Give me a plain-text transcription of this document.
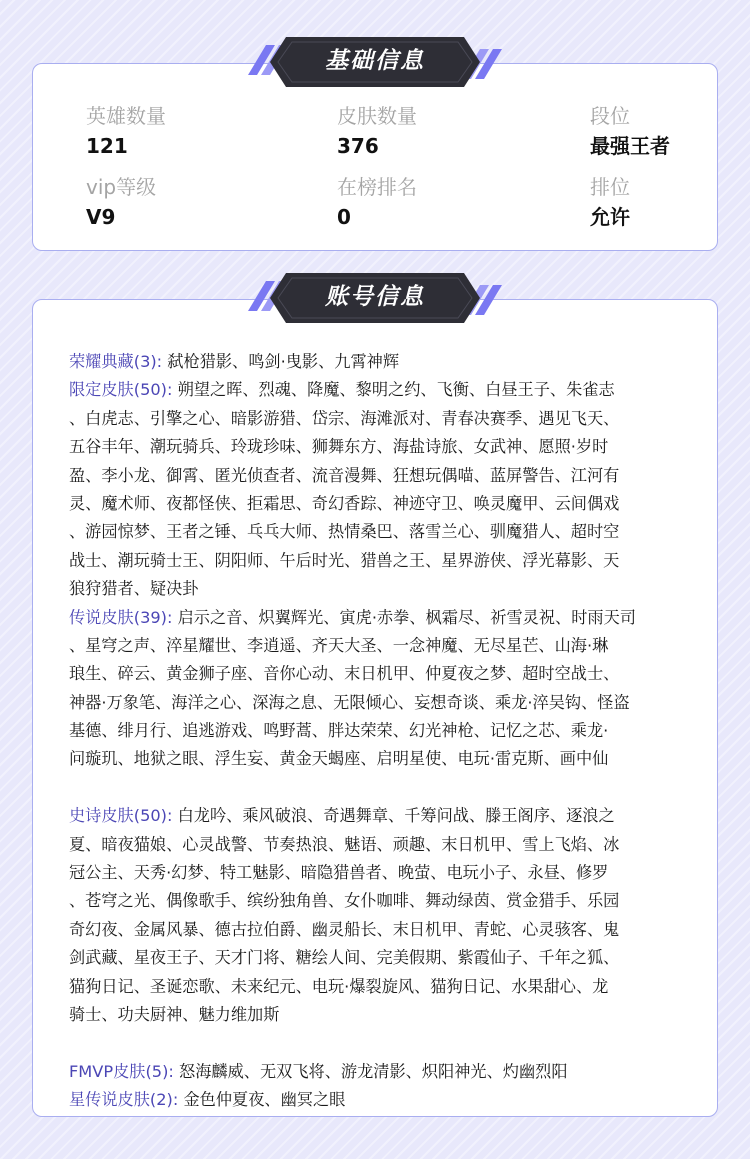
英雄数量
121
皮肤数量
376
段位
最强王者
vip等级
V9
在榜排名
0
排位
允许
基础信息
荣耀典藏(3): 弑枪猎影、鸣剑·曳影、九霄神辉
限定皮肤(50): 朔望之晖、烈魂、降魔、黎明之约、飞衡、白昼王子、朱雀志
、白虎志、引擎之心、暗影游猎、岱宗、海滩派对、青春决赛季、遇见飞天、
五谷丰年、潮玩骑兵、玲珑珍味、狮舞东方、海盐诗旅、女武神、愿照·岁时
盈、李小龙、御霄、匿光侦查者、流音漫舞、狂想玩偶喵、蓝屏警告、江河有
灵、魔术师、夜都怪侠、拒霜思、奇幻香踪、神迹守卫、唤灵魔甲、云间偶戏
、游园惊梦、王者之锤、乓乓大师、热情桑巴、落雪兰心、驯魔猎人、超时空
战士、潮玩骑士王、阴阳师、午后时光、猎兽之王、星界游侠、浮光幕影、天
狼狩猎者、疑决卦
传说皮肤(39): 启示之音、炽翼辉光、寅虎·赤拳、枫霜尽、祈雪灵祝、时雨天司
、星穹之声、淬星耀世、李逍遥、齐天大圣、一念神魔、无尽星芒、山海·琳
琅生、碎云、黄金狮子座、音你心动、末日机甲、仲夏夜之梦、超时空战士、
神器·万象笔、海洋之心、深海之息、无限倾心、妄想奇谈、乘龙·淬吴钩、怪盗
基德、绯月行、追逃游戏、鸣野蒿、胖达荣荣、幻光神枪、记忆之芯、乘龙·
问璇玑、地狱之眼、浮生妄、黄金天蝎座、启明星使、电玩·雷克斯、画中仙
史诗皮肤(50): 白龙吟、乘风破浪、奇遇舞章、千筹问战、滕王阁序、逐浪之
夏、暗夜猫娘、心灵战警、节奏热浪、魅语、顽趣、末日机甲、雪上飞焰、冰
冠公主、天秀·幻梦、特工魅影、暗隐猎兽者、晚萤、电玩小子、永昼、修罗
、苍穹之光、偶像歌手、缤纷独角兽、女仆咖啡、舞动绿茵、赏金猎手、乐园
奇幻夜、金属风暴、德古拉伯爵、幽灵船长、末日机甲、青蛇、心灵骇客、鬼
剑武藏、星夜王子、天才门将、糖绘人间、完美假期、紫霞仙子、千年之狐、
猫狗日记、圣诞恋歌、未来纪元、电玩·爆裂旋风、猫狗日记、水果甜心、龙
骑士、功夫厨神、魅力维加斯
FMVP皮肤(5): 怒海麟威、无双飞将、游龙清影、炽阳神光、灼幽烈阳
星传说皮肤(2): 金色仲夏夜、幽冥之眼
账号信息
